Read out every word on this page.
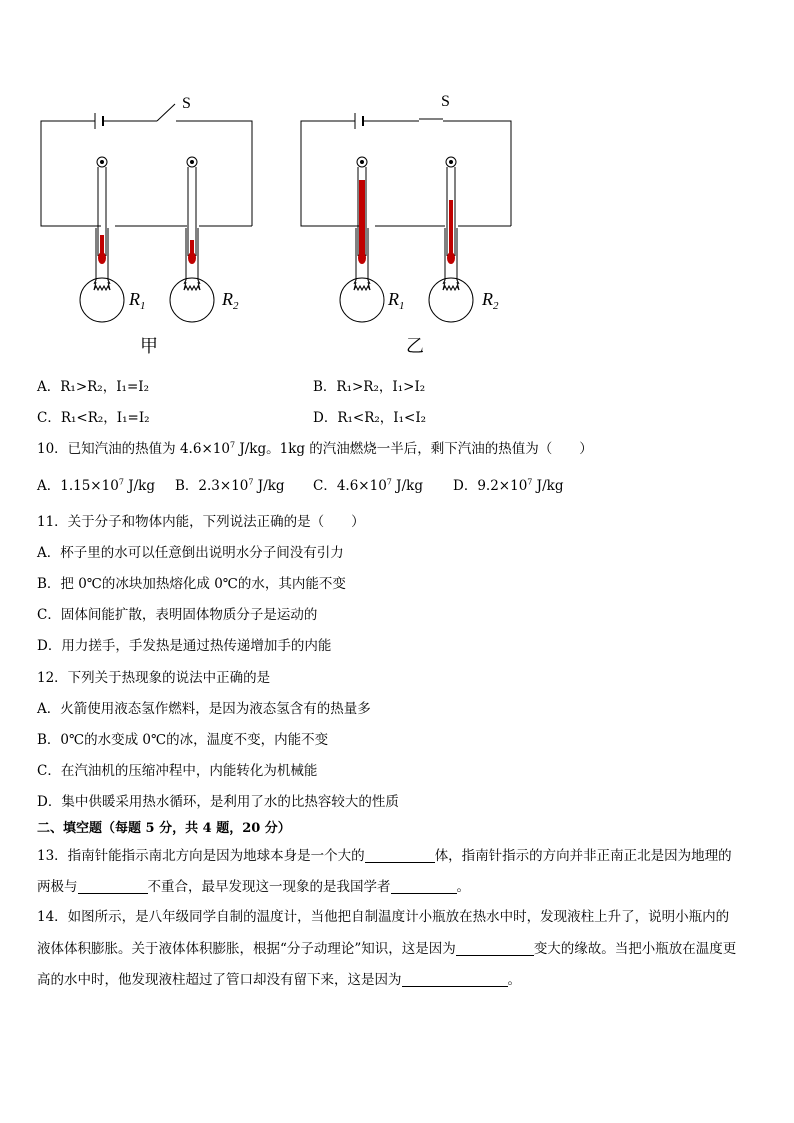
S	S
$R_1$	$R_2$	$R_1$	$R_2$
甲	乙
A．R₁>R₂，I₁=I₂	B．R₁>R₂，I₁>I₂
C．R₁<R₂，I₁=I₂	D．R₁<R₂，I₁<I₂
10．已知汽油的热值为 $4.6\times 10^7$ J/kg。1kg 的汽油燃烧一半后，剩下汽油的热值为（　　）
A．$1.15\times 10^7$ J/kg B．$2.3\times 10^7$ J/kg C．$4.6\times 10^7$ J/kg D．$9.2\times 10^7$ J/kg
11．关于分子和物体内能，下列说法正确的是（　　）
A．杯子里的水可以任意倒出说明水分子间没有引力
B．把 0℃的冰块加热熔化成 0℃的水，其内能不变
C．固体间能扩散，表明固体物质分子是运动的
D．用力搓手，手发热是通过热传递增加手的内能
12．下列关于热现象的说法中正确的是
A．火箭使用液态氢作燃料，是因为液态氢含有的热量多
B．0℃的水变成 0℃的冰，温度不变，内能不变
C．在汽油机的压缩冲程中，内能转化为机械能
D．集中供暖采用热水循环，是利用了水的比热容较大的性质
二、填空题（每题 5 分，共 4 题，20 分）
13．指南针能指示南北方向是因为地球本身是一个大的	体，指南针指示的方向并非正南正北是因为地理的
两极与	不重合，最早发现这一现象的是我国学者	。
14．如图所示，是八年级同学自制的温度计，当他把自制温度计小瓶放在热水中时，发现液柱上升了，说明小瓶内的
液体体积膨胀。关于液体体积膨胀，根据“分子动理论”知识，这是因为	变大的缘故。当把小瓶放在温度更
高的水中时，他发现液柱超过了管口却没有留下来，这是因为	。
